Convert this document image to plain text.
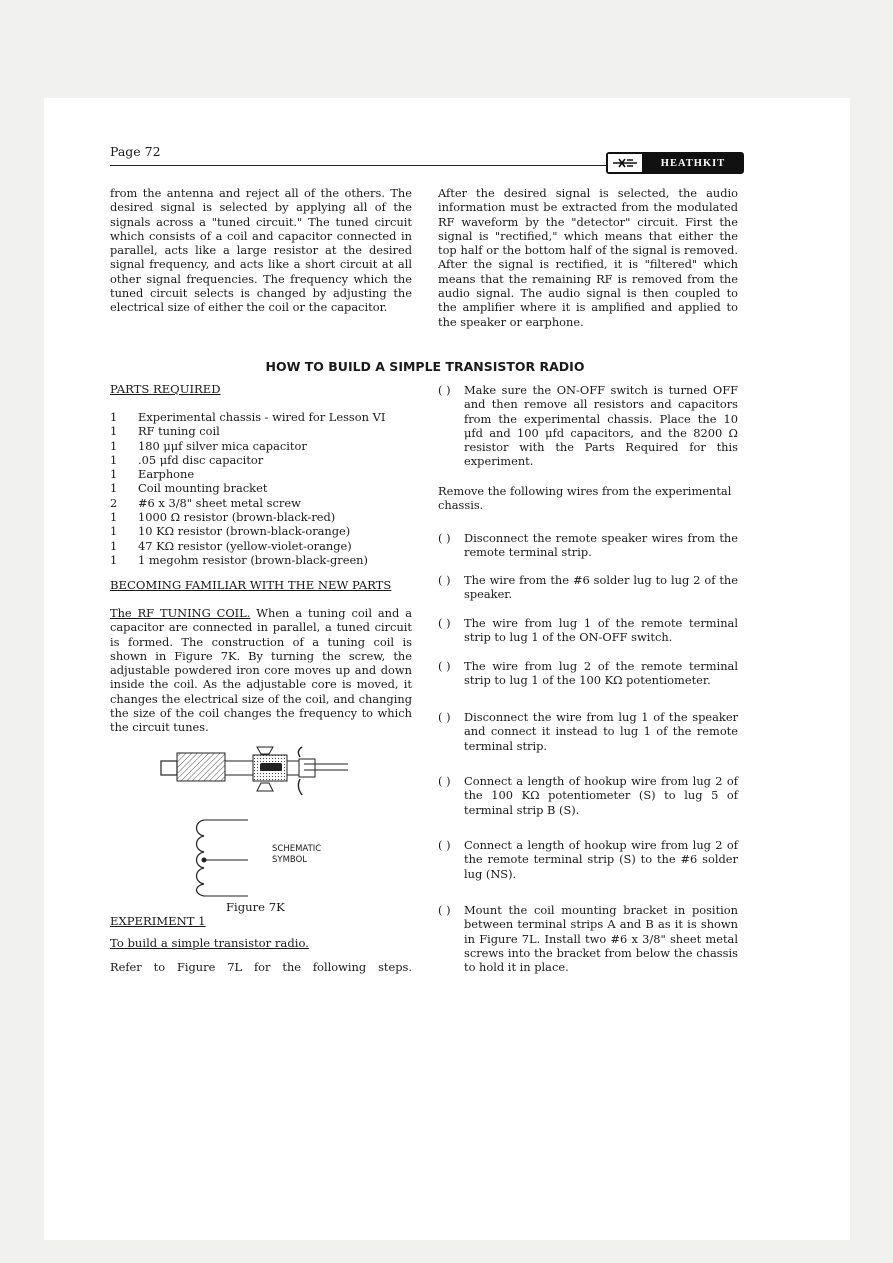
Page 72
HEATHKIT

from the antenna and reject all of the others. The desired signal is selected by applying all of the signals across a "tuned circuit." The tuned circuit which consists of a coil and capacitor connected in parallel, acts like a large resistor at the desired signal frequency, and acts like a short circuit at all other signal frequencies. The frequency which the tuned circuit selects is changed by adjusting the electrical size of either the coil or the capacitor.

After the desired signal is selected, the audio information must be extracted from the modulated RF waveform by the "detector" circuit. First the signal is "rectified," which means that either the top half or the bottom half of the signal is removed. After the signal is rectified, it is "filtered" which means that the remaining RF is removed from the audio signal. The audio signal is then coupled to the amplifier where it is amplified and applied to the speaker or earphone.

HOW TO BUILD A SIMPLE TRANSISTOR RADIO
PARTS REQUIRED
1	Experimental chassis - wired for Lesson VI
1	RF tuning coil
1	180 μμf silver mica capacitor
1	.05 μfd disc capacitor
1	Earphone
1	Coil mounting bracket
2	#6 x 3/8" sheet metal screw
1	1000 Ω resistor (brown-black-red)
1	10 KΩ resistor (brown-black-orange)
1	47 KΩ resistor (yellow-violet-orange)
1	1 megohm resistor (brown-black-green)
BECOMING FAMILIAR WITH THE NEW PARTS

The RF TUNING COIL. When a tuning coil and a capacitor are connected in parallel, a tuned circuit is formed. The construction of a tuning coil is shown in Figure 7K. By turning the screw, the adjustable powdered iron core moves up and down inside the coil. As the adjustable core is moved, it changes the electrical size of the coil, and changing the size of the coil changes the frequency to which the circuit tunes.

SCHEMATIC
SYMBOL
Figure 7K
EXPERIMENT 1
To build a simple transistor radio.
Refer to Figure 7L for the following steps.
( )	Make sure the ON-OFF switch is turned OFF and then remove all resistors and capacitors from the experimental chassis. Place the 10 μfd and 100 μfd capacitors, and the 8200 Ω resistor with the Parts Required for this experiment.
Remove the following wires from the experimental chassis.
( )	Disconnect the remote speaker wires from the remote terminal strip.
( )	The wire from the #6 solder lug to lug 2 of the speaker.
( )	The wire from lug 1 of the remote terminal strip to lug 1 of the ON-OFF switch.
( )	The wire from lug 2 of the remote terminal strip to lug 1 of the 100 KΩ potentiometer.
( )	Disconnect the wire from lug 1 of the speaker and connect it instead to lug 1 of the remote terminal strip.
( )	Connect a length of hookup wire from lug 2 of the 100 KΩ potentiometer (S) to lug 5 of terminal strip B (S).
( )	Connect a length of hookup wire from lug 2 of the remote terminal strip (S) to the #6 solder lug (NS).
( )	Mount the coil mounting bracket in position between terminal strips A and B as it is shown in Figure 7L. Install two #6 x 3/8" sheet metal screws into the bracket from below the chassis to hold it in place.
